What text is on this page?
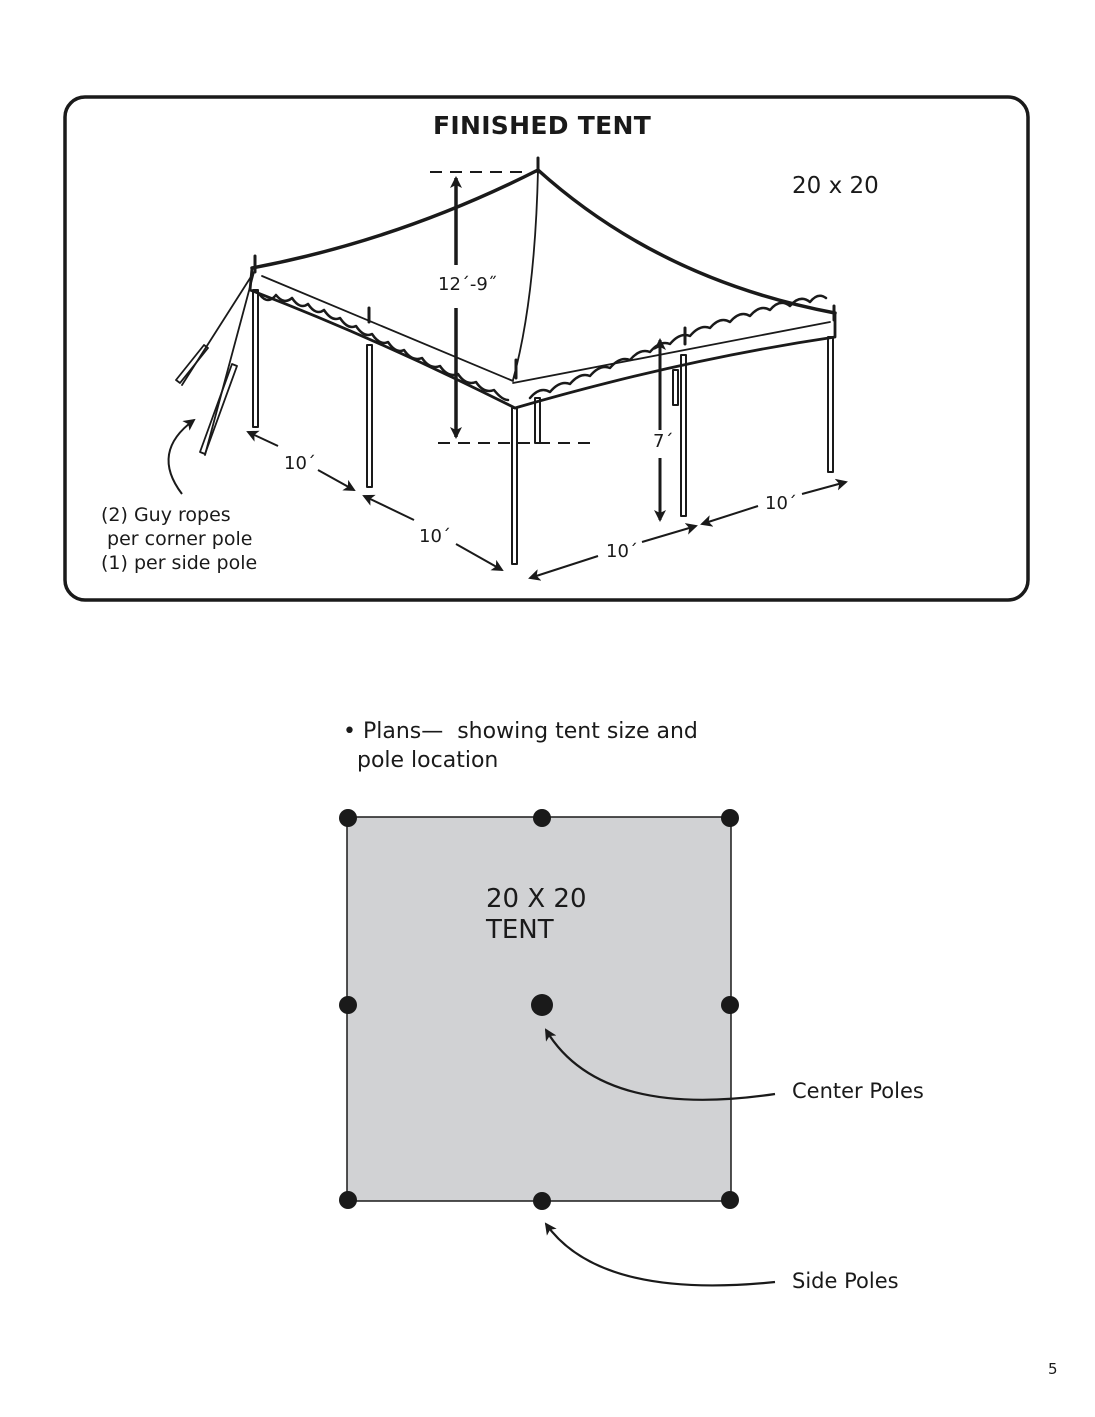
FINISHED TENT
20 x 20
12´-9˝
7´
10´
10´
10´
10´
(2) Guy ropes
per corner pole
(1) per side pole
• Plans—  showing tent size and
pole location
20 X 20
TENT
Center Poles
Side Poles
5
